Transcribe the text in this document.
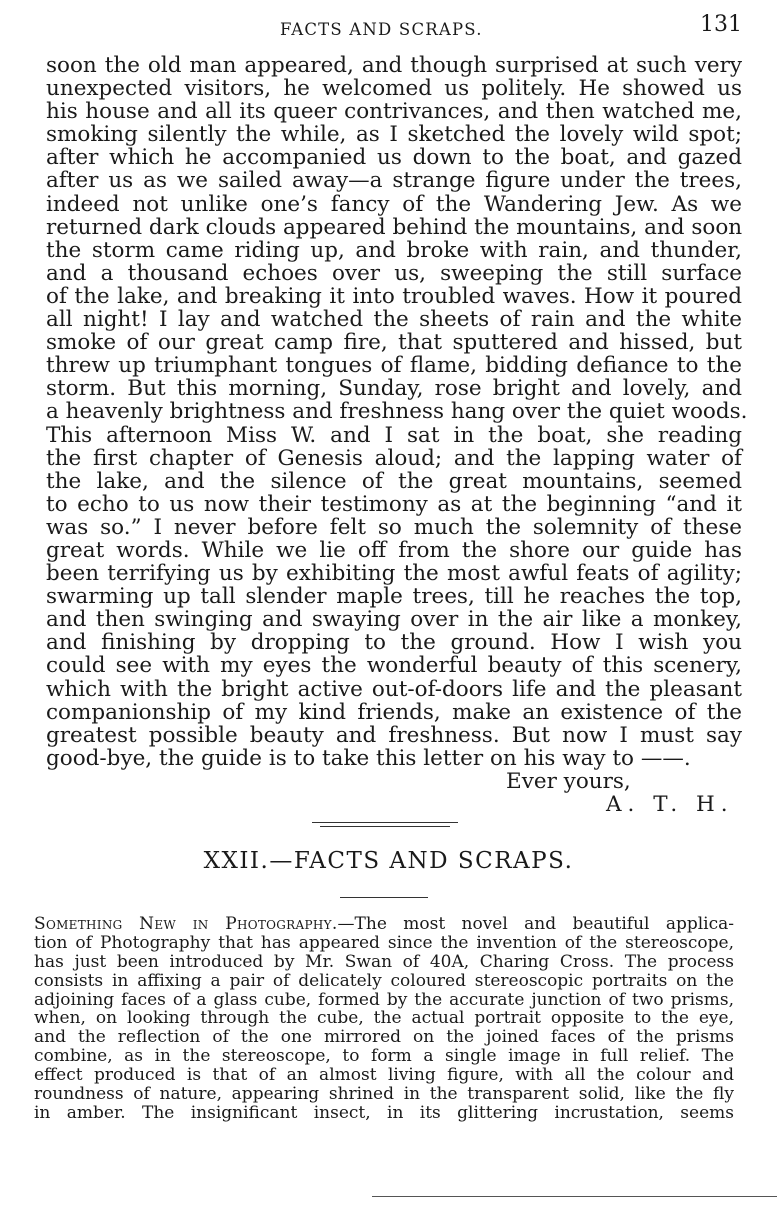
FACTS AND SCRAPS.	131
soon the old man appeared, and though surprised at such very
unexpected visitors, he welcomed us politely. He showed us
his house and all its queer contrivances, and then watched me,
smoking silently the while, as I sketched the lovely wild spot;
after which he accompanied us down to the boat, and gazed
after us as we sailed away—a strange figure under the trees,
indeed not unlike one’s fancy of the Wandering Jew. As we
returned dark clouds appeared behind the mountains, and soon
the storm came riding up, and broke with rain, and thunder,
and a thousand echoes over us, sweeping the still surface
of the lake, and breaking it into troubled waves. How it poured
all night! I lay and watched the sheets of rain and the white
smoke of our great camp fire, that sputtered and hissed, but
threw up triumphant tongues of flame, bidding defiance to the
storm. But this morning, Sunday, rose bright and lovely, and
a heavenly brightness and freshness hang over the quiet woods.
This afternoon Miss W. and I sat in the boat, she reading
the first chapter of Genesis aloud; and the lapping water of
the lake, and the silence of the great mountains, seemed
to echo to us now their testimony as at the beginning “and it
was so.” I never before felt so much the solemnity of these
great words. While we lie off from the shore our guide has
been terrifying us by exhibiting the most awful feats of agility;
swarming up tall slender maple trees, till he reaches the top,
and then swinging and swaying over in the air like a monkey,
and finishing by dropping to the ground. How I wish you
could see with my eyes the wonderful beauty of this scenery,
which with the bright active out-of-doors life and the pleasant
companionship of my kind friends, make an existence of the
greatest possible beauty and freshness. But now I must say
good-bye, the guide is to take this letter on his way to ——.
Ever yours,
A. T. H.
XXII.—FACTS AND SCRAPS.
Something New in Photography.—The most novel and beautiful applica-
tion of Photography that has appeared since the invention of the stereoscope,
has just been introduced by Mr. Swan of 40A, Charing Cross. The process
consists in affixing a pair of delicately coloured stereoscopic portraits on the
adjoining faces of a glass cube, formed by the accurate junction of two prisms,
when, on looking through the cube, the actual portrait opposite to the eye,
and the reflection of the one mirrored on the joined faces of the prisms
combine, as in the stereoscope, to form a single image in full relief. The
effect produced is that of an almost living figure, with all the colour and
roundness of nature, appearing shrined in the transparent solid, like the fly
in amber. The insignificant insect, in its glittering incrustation, seems
